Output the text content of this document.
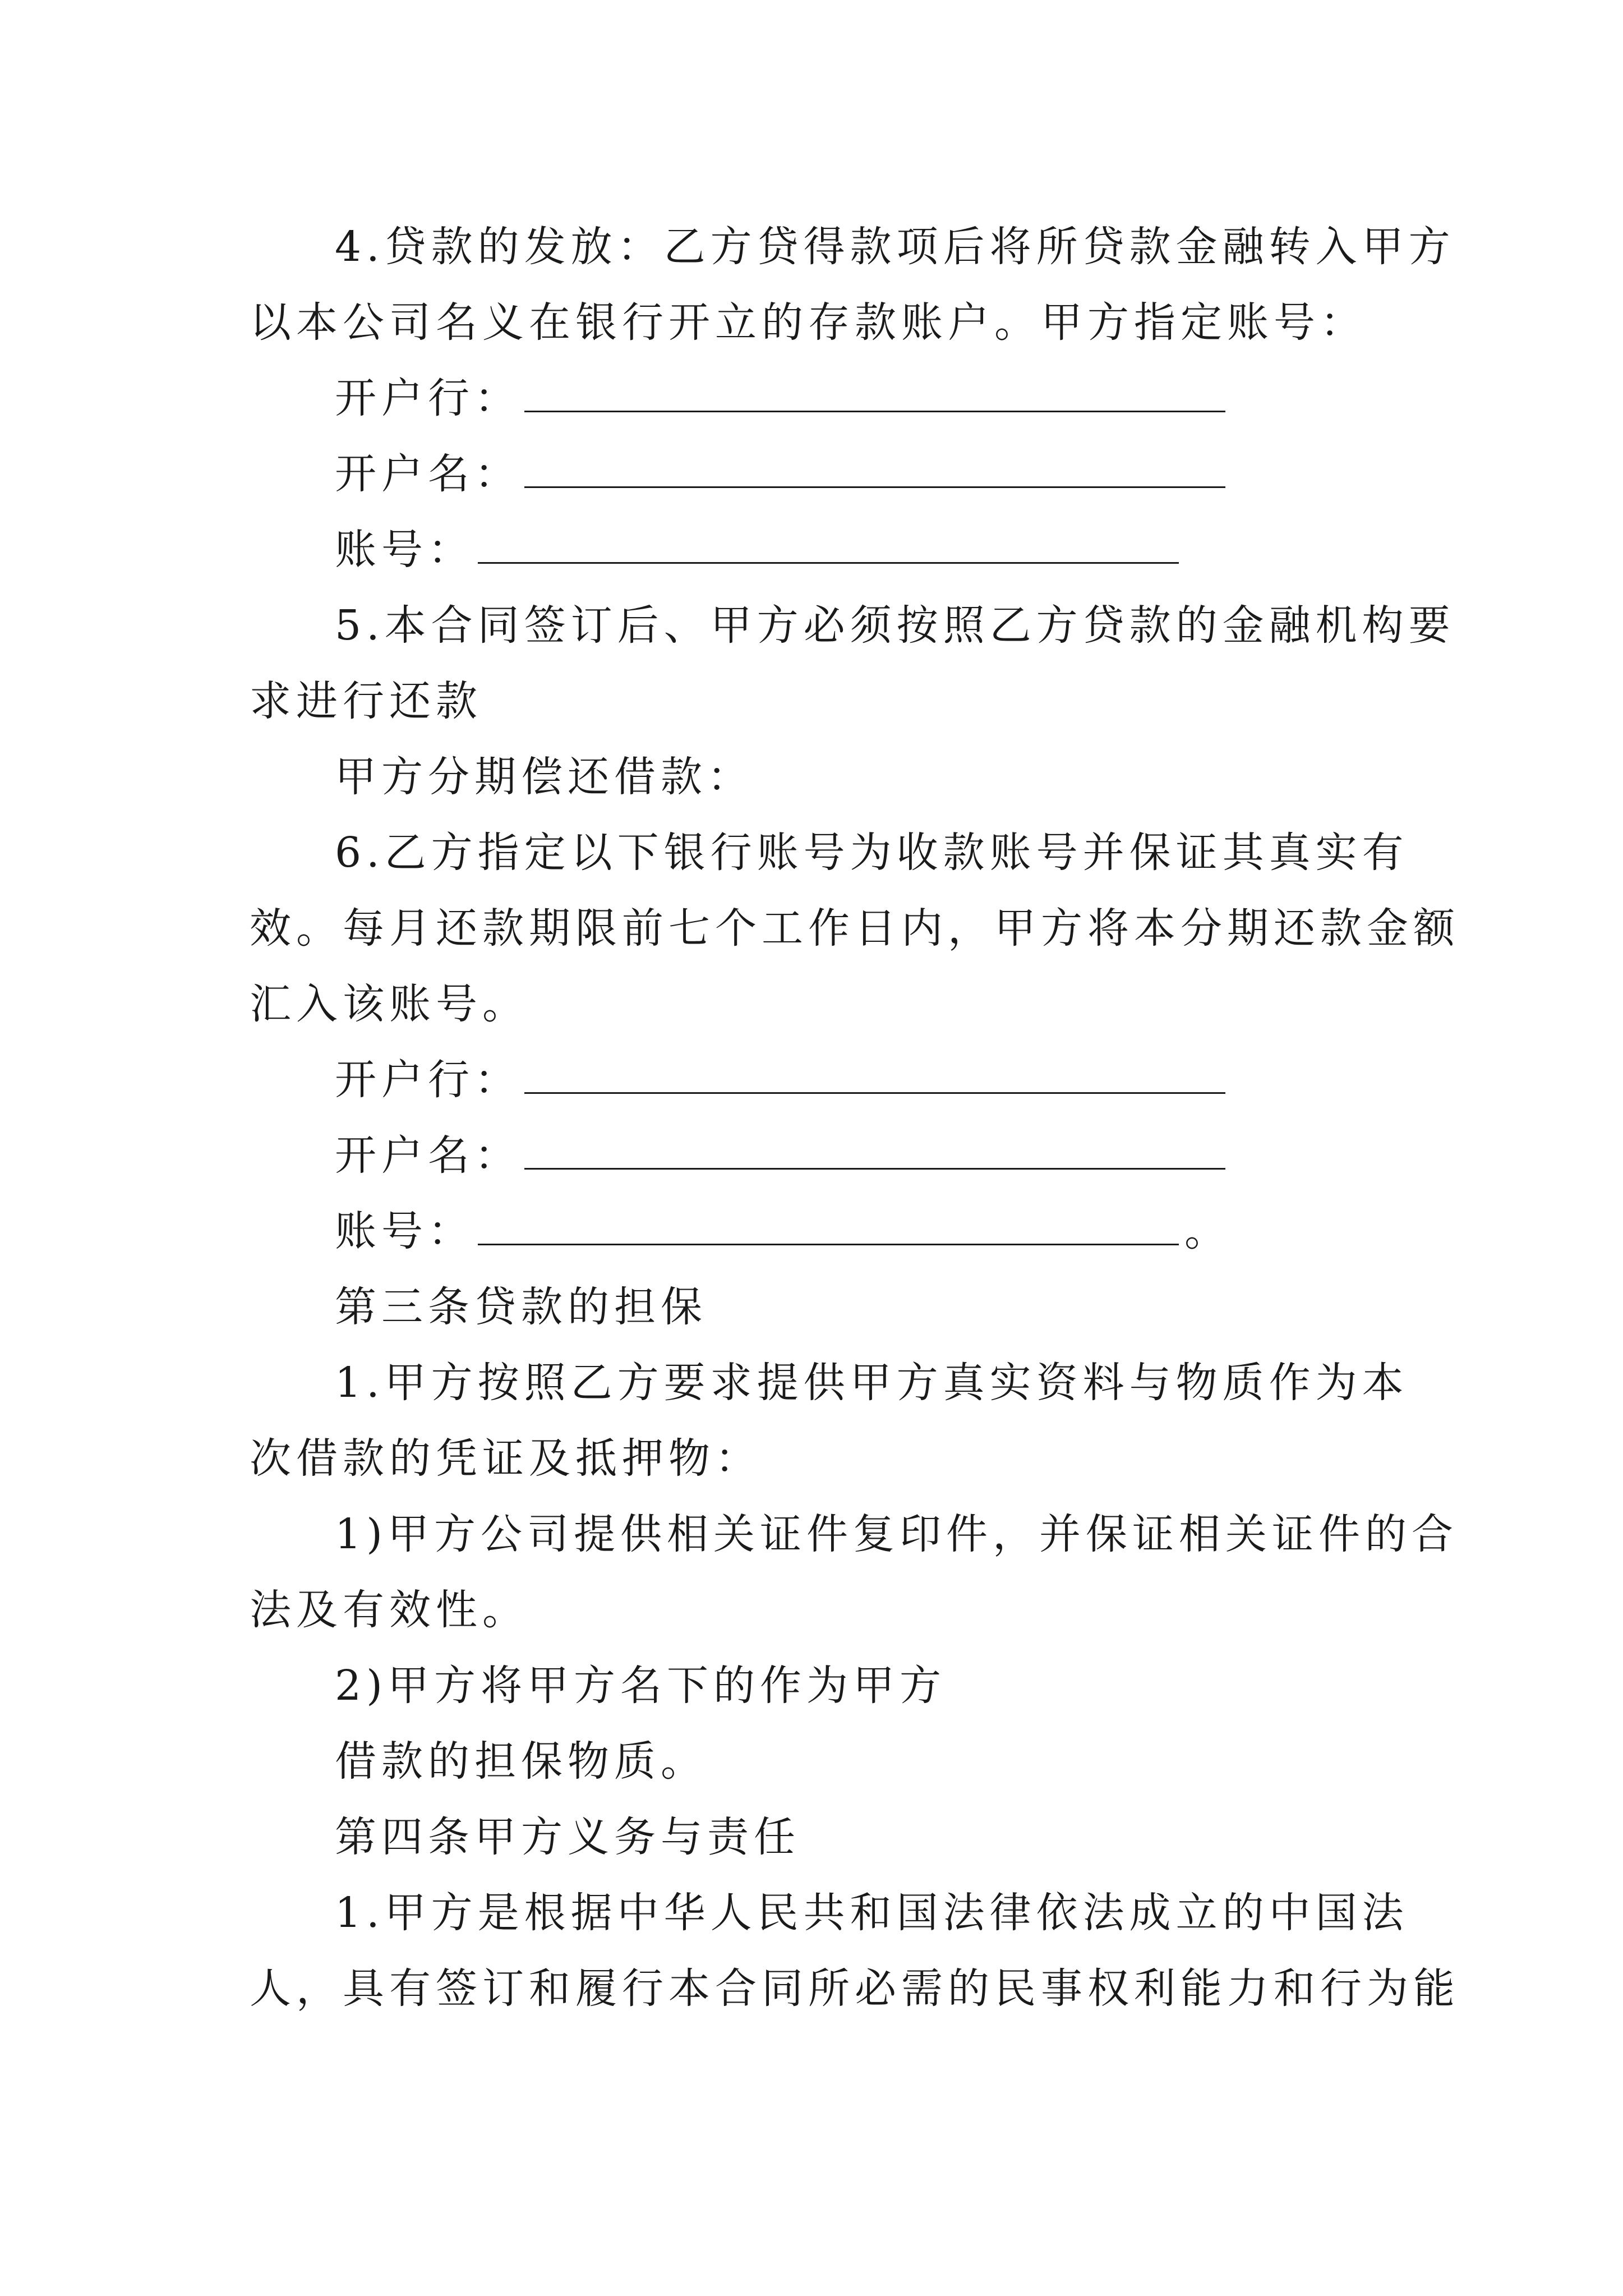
4.贷款的发放：乙方贷得款项后将所贷款金融转入甲方
以本公司名义在银行开立的存款账户。甲方指定账号：
开户行：
开户名：
账号：
5.本合同签订后、甲方必须按照乙方贷款的金融机构要
求进行还款
甲方分期偿还借款：
6.乙方指定以下银行账号为收款账号并保证其真实有
效。每月还款期限前七个工作日内，甲方将本分期还款金额
汇入该账号。
开户行：
开户名：
账号：	。
第三条贷款的担保
1.甲方按照乙方要求提供甲方真实资料与物质作为本
次借款的凭证及抵押物：
1)甲方公司提供相关证件复印件，并保证相关证件的合
法及有效性。
2)甲方将甲方名下的作为甲方
借款的担保物质。
第四条甲方义务与责任
1.甲方是根据中华人民共和国法律依法成立的中国法
人，具有签订和履行本合同所必需的民事权利能力和行为能
